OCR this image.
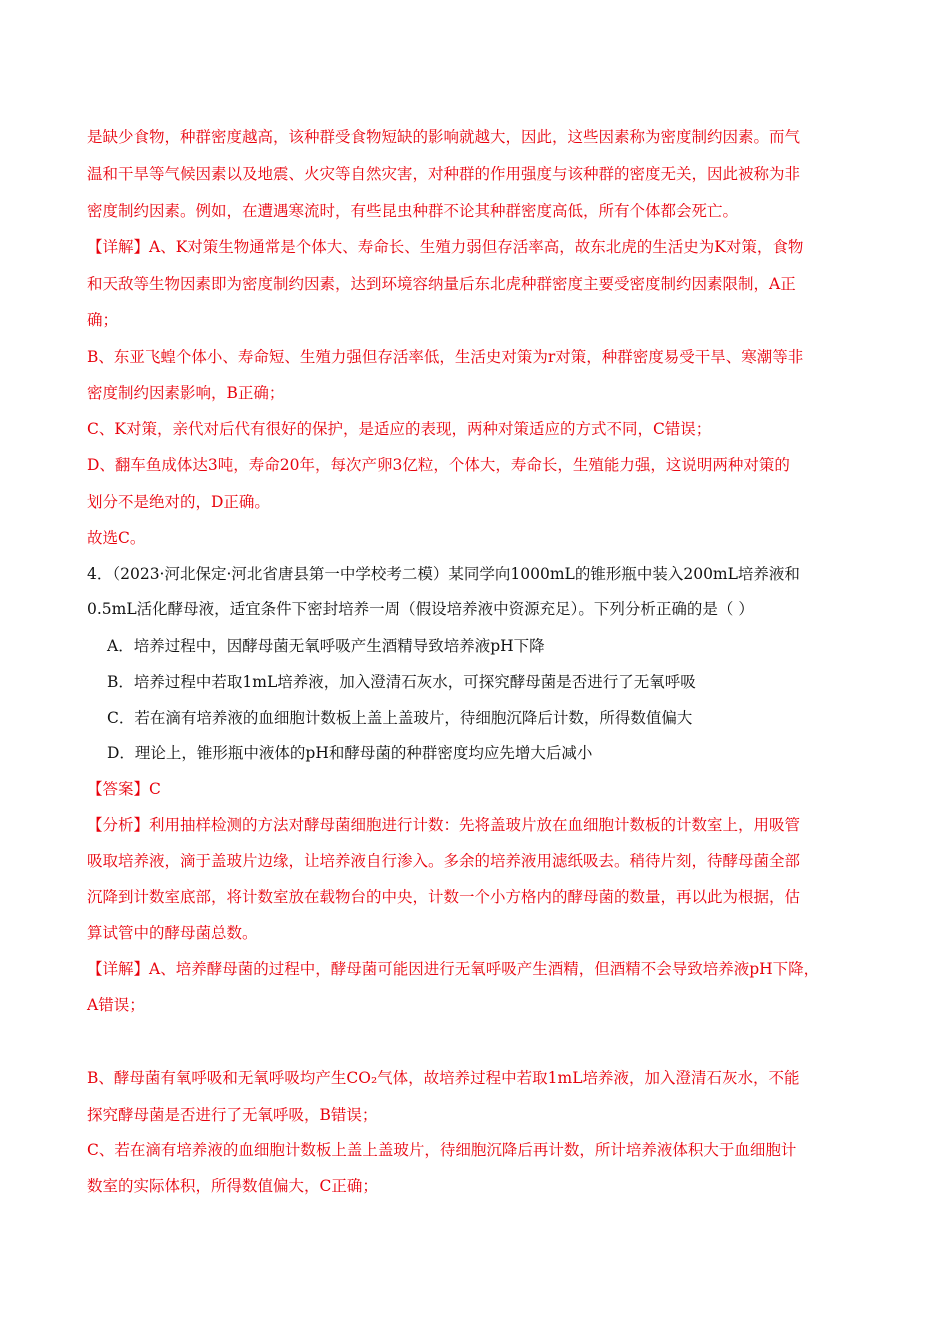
是缺少食物，种群密度越高，该种群受食物短缺的影响就越大，因此，这些因素称为密度制约因素。而气
温和干旱等气候因素以及地震、火灾等自然灾害，对种群的作用强度与该种群的密度无关，因此被称为非
密度制约因素。例如，在遭遇寒流时，有些昆虫种群不论其种群密度高低，所有个体都会死亡。
【详解】A、K对策生物通常是个体大、寿命长、生殖力弱但存活率高，故东北虎的生活史为K对策，食物
和天敌等生物因素即为密度制约因素，达到环境容纳量后东北虎种群密度主要受密度制约因素限制，A正
确；
B、东亚飞蝗个体小、寿命短、生殖力强但存活率低，生活史对策为r对策，种群密度易受干旱、寒潮等非
密度制约因素影响，B正确；
C、K对策，亲代对后代有很好的保护，是适应的表现，两种对策适应的方式不同，C错误；
D、翻车鱼成体达3吨，寿命20年，每次产卵3亿粒，个体大，寿命长，生殖能力强，这说明两种对策的
划分不是绝对的，D正确。
故选C。
4．（2023·河北保定·河北省唐县第一中学校考二模）某同学向1000mL的锥形瓶中装入200mL培养液和
0.5mL活化酵母液，适宜条件下密封培养一周（假设培养液中资源充足）。下列分析正确的是（ ）
A．培养过程中，因酵母菌无氧呼吸产生酒精导致培养液pH下降
B．培养过程中若取1mL培养液，加入澄清石灰水，可探究酵母菌是否进行了无氧呼吸
C．若在滴有培养液的血细胞计数板上盖上盖玻片，待细胞沉降后计数，所得数值偏大
D．理论上，锥形瓶中液体的pH和酵母菌的种群密度均应先增大后减小
【答案】C
【分析】利用抽样检测的方法对酵母菌细胞进行计数：先将盖玻片放在血细胞计数板的计数室上，用吸管
吸取培养液，滴于盖玻片边缘，让培养液自行渗入。多余的培养液用滤纸吸去。稍待片刻，待酵母菌全部
沉降到计数室底部，将计数室放在载物台的中央，计数一个小方格内的酵母菌的数量，再以此为根据，估
算试管中的酵母菌总数。
【详解】A、培养酵母菌的过程中，酵母菌可能因进行无氧呼吸产生酒精，但酒精不会导致培养液pH下降，
A错误；
B、酵母菌有氧呼吸和无氧呼吸均产生CO₂气体，故培养过程中若取1mL培养液，加入澄清石灰水，不能
探究酵母菌是否进行了无氧呼吸，B错误；
C、若在滴有培养液的血细胞计数板上盖上盖玻片，待细胞沉降后再计数，所计培养液体积大于血细胞计
数室的实际体积，所得数值偏大，C正确；
